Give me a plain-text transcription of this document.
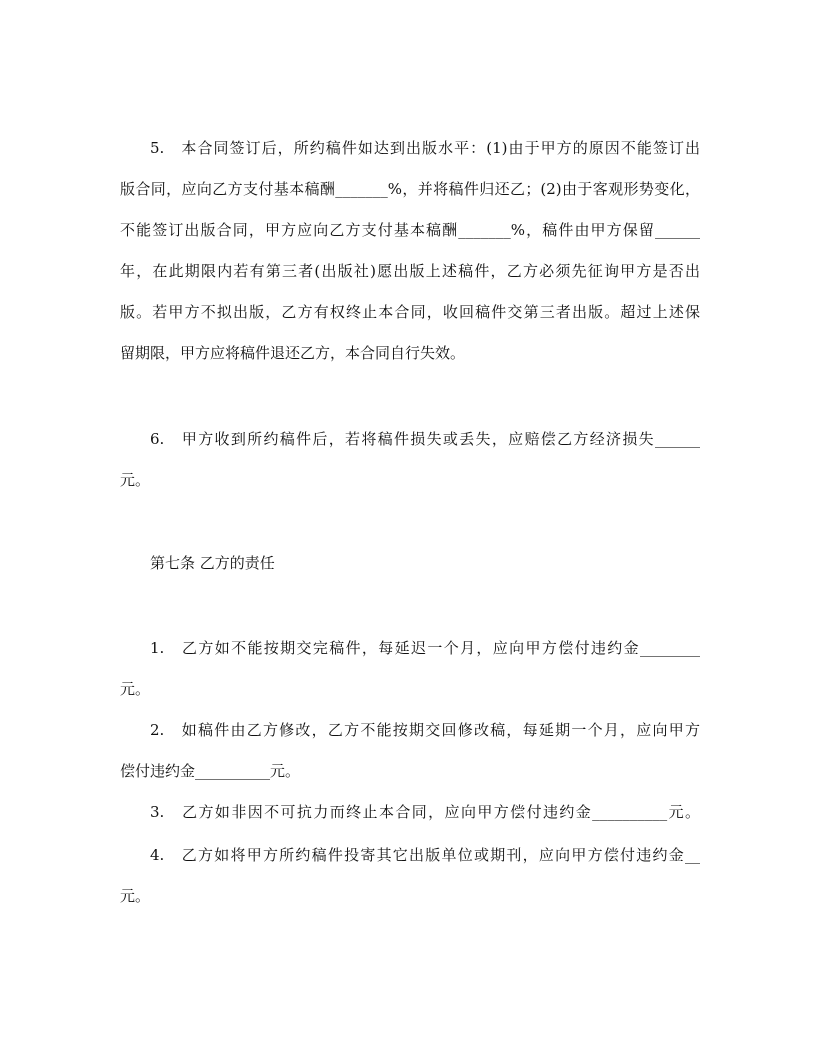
5.　本合同签订后，所约稿件如达到出版水平：(1)由于甲方的原因不能签订出
版合同，应向乙方支付基本稿酬_______%，并将稿件归还乙；(2)由于客观形势变化，
不能签订出版合同，甲方应向乙方支付基本稿酬_______%，稿件由甲方保留______
年，在此期限内若有第三者(出版社)愿出版上述稿件，乙方必须先征询甲方是否出
版。若甲方不拟出版，乙方有权终止本合同，收回稿件交第三者出版。超过上述保
留期限，甲方应将稿件退还乙方，本合同自行失效。
6.　甲方收到所约稿件后，若将稿件损失或丢失，应赔偿乙方经济损失______
元。
第七条 乙方的责任
1.　乙方如不能按期交完稿件，每延迟一个月，应向甲方偿付违约金________
元。
2.　如稿件由乙方修改，乙方不能按期交回修改稿，每延期一个月，应向甲方
偿付违约金__________元。
3.　乙方如非因不可抗力而终止本合同，应向甲方偿付违约金__________元。
4.　乙方如将甲方所约稿件投寄其它出版单位或期刊，应向甲方偿付违约金__
元。
